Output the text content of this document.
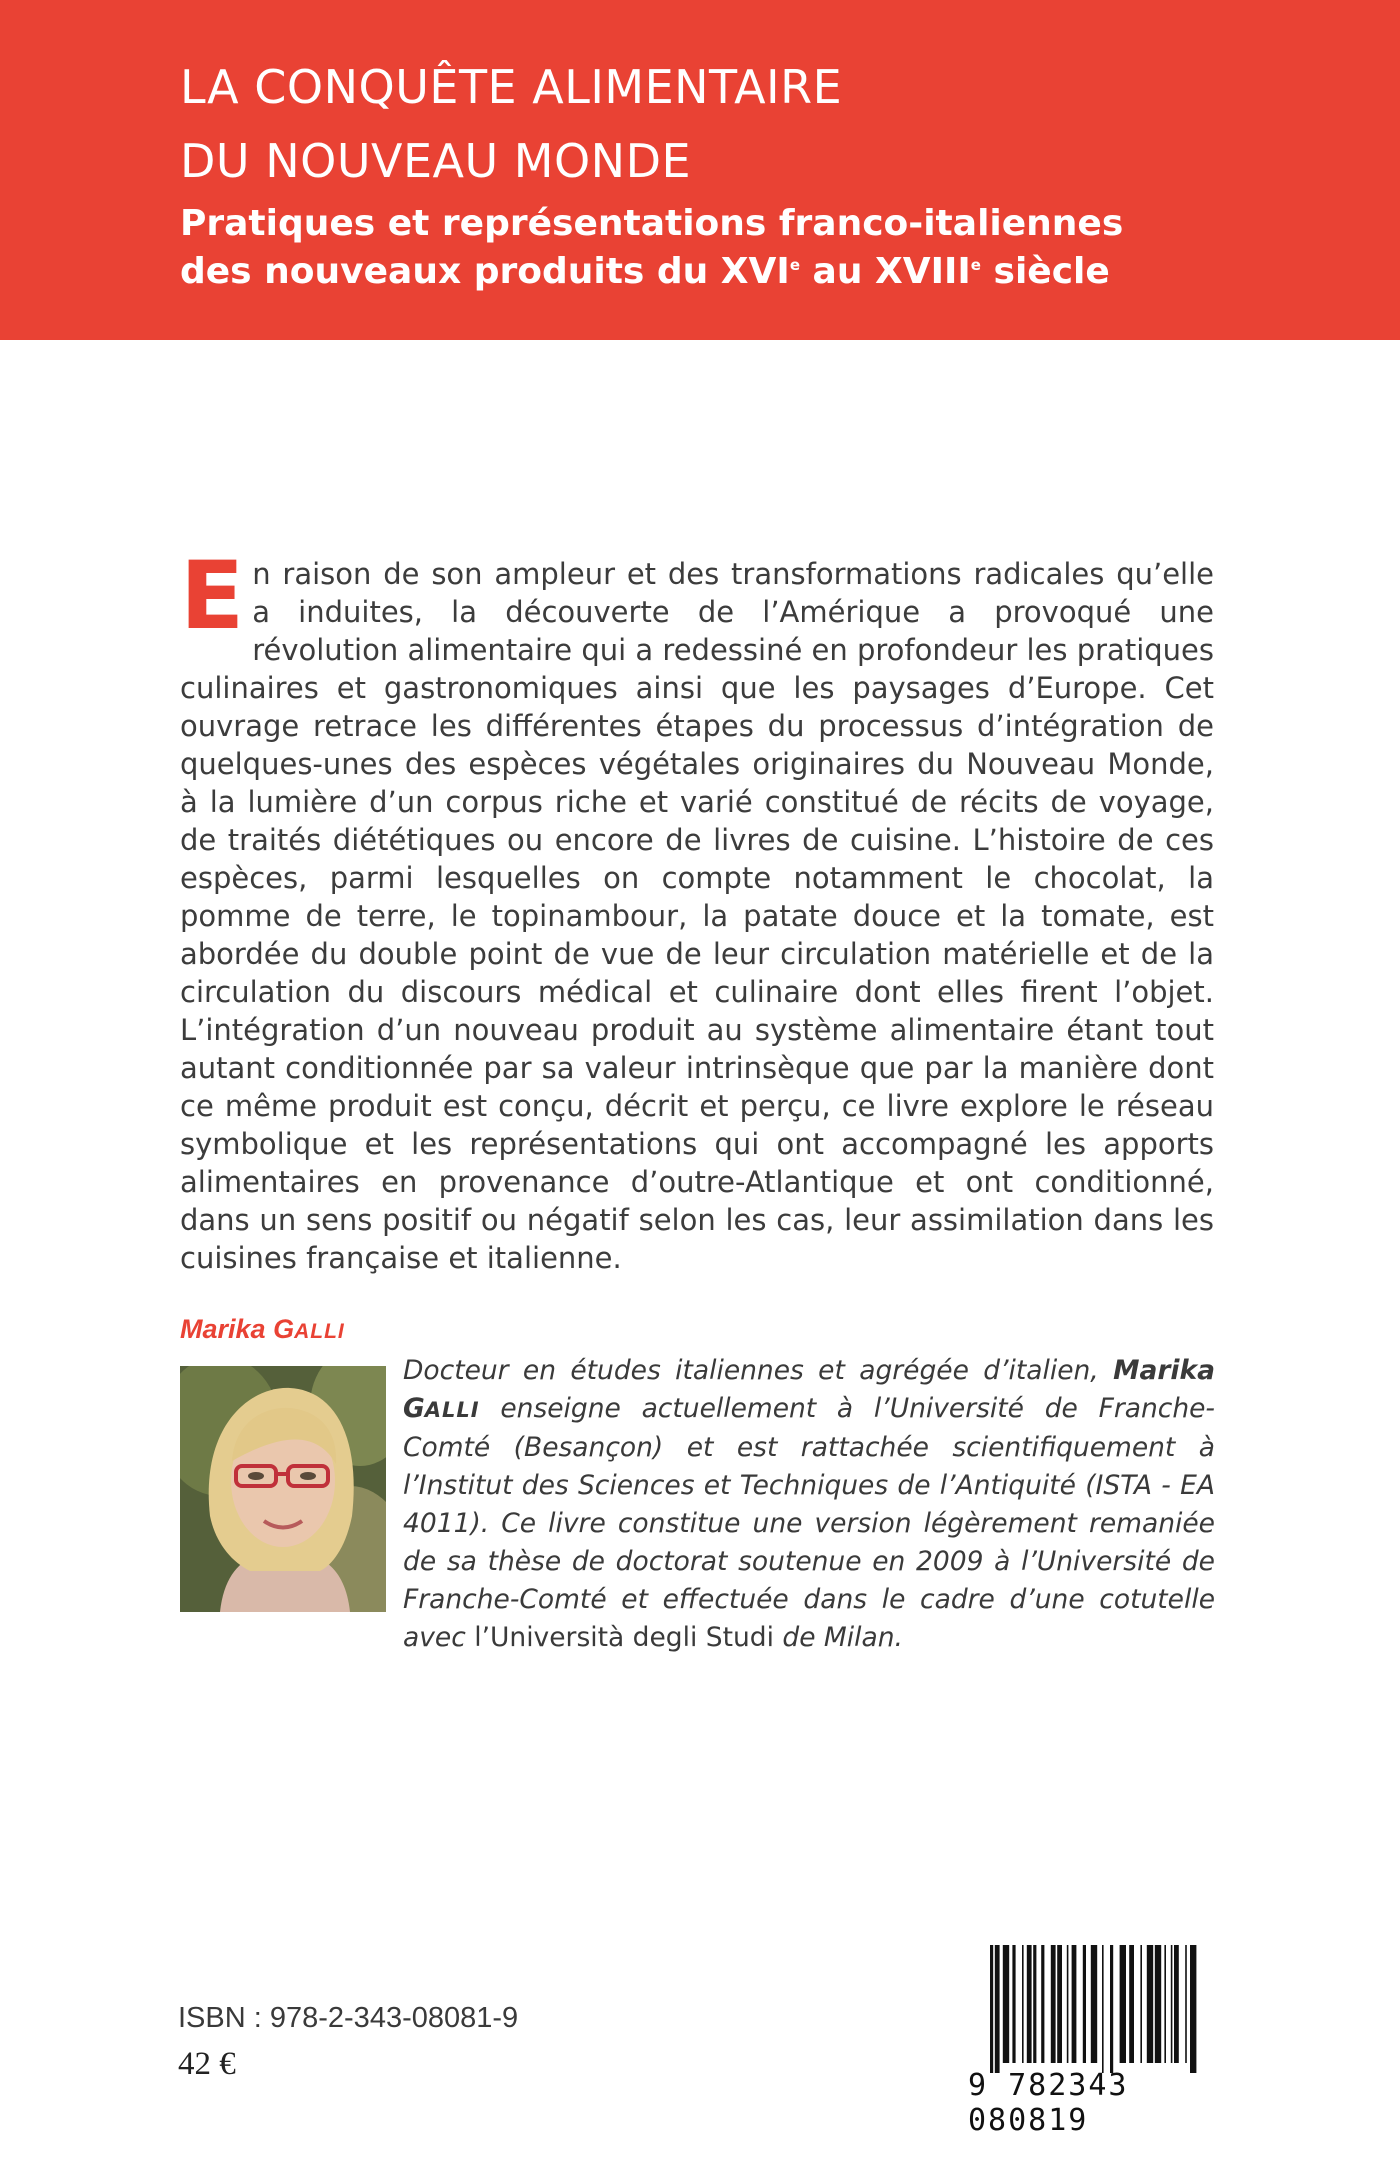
LA CONQUÊTE ALIMENTAIRE
DU NOUVEAU MONDE
Pratiques et représentations franco-italiennes
des nouveaux produits du XVIe au XVIIIe siècle

En raison de son ampleur et des transformations radicales qu’elle a induites, la découverte de l’Amérique a provoqué une révolution alimentaire qui a redessiné en profondeur les pratiques culinaires et gastronomiques ainsi que les paysages d’Europe. Cet ouvrage retrace les différentes étapes du processus d’intégration de quelques-unes des espèces végétales originaires du Nouveau Monde, à la lumière d’un corpus riche et varié constitué de récits de voyage, de traités diététiques ou encore de livres de cuisine. L’histoire de ces espèces, parmi lesquelles on compte notamment le chocolat, la pomme de terre, le topinambour, la patate douce et la tomate, est abordée du double point de vue de leur circulation matérielle et de la circulation du discours médical et culinaire dont elles firent l’objet. L’intégration d’un nouveau produit au système alimentaire étant tout autant conditionnée par sa valeur intrinsèque que par la manière dont ce même produit est conçu, décrit et perçu, ce livre explore le réseau symbolique et les représentations qui ont accompagné les apports alimentaires en provenance d’outre-Atlantique et ont conditionné, dans un sens positif ou négatif selon les cas, leur assimilation dans les cuisines française et italienne.

Marika GALLI

Docteur en études italiennes et agrégée d’italien, Marika GALLI enseigne actuellement à l’Université de Franche-Comté (Besançon) et est rattachée scientifiquement à l’Institut des Sciences et Techniques de l’Antiquité (ISTA - EA 4011). Ce livre constitue une version légèrement remaniée de sa thèse de doctorat soutenue en 2009 à l’Université de Franche-Comté et effectuée dans le cadre d’une cotutelle avec l’Università degli Studi de Milan.

ISBN : 978-2-343-08081-9

42 €

9 782343 080819
